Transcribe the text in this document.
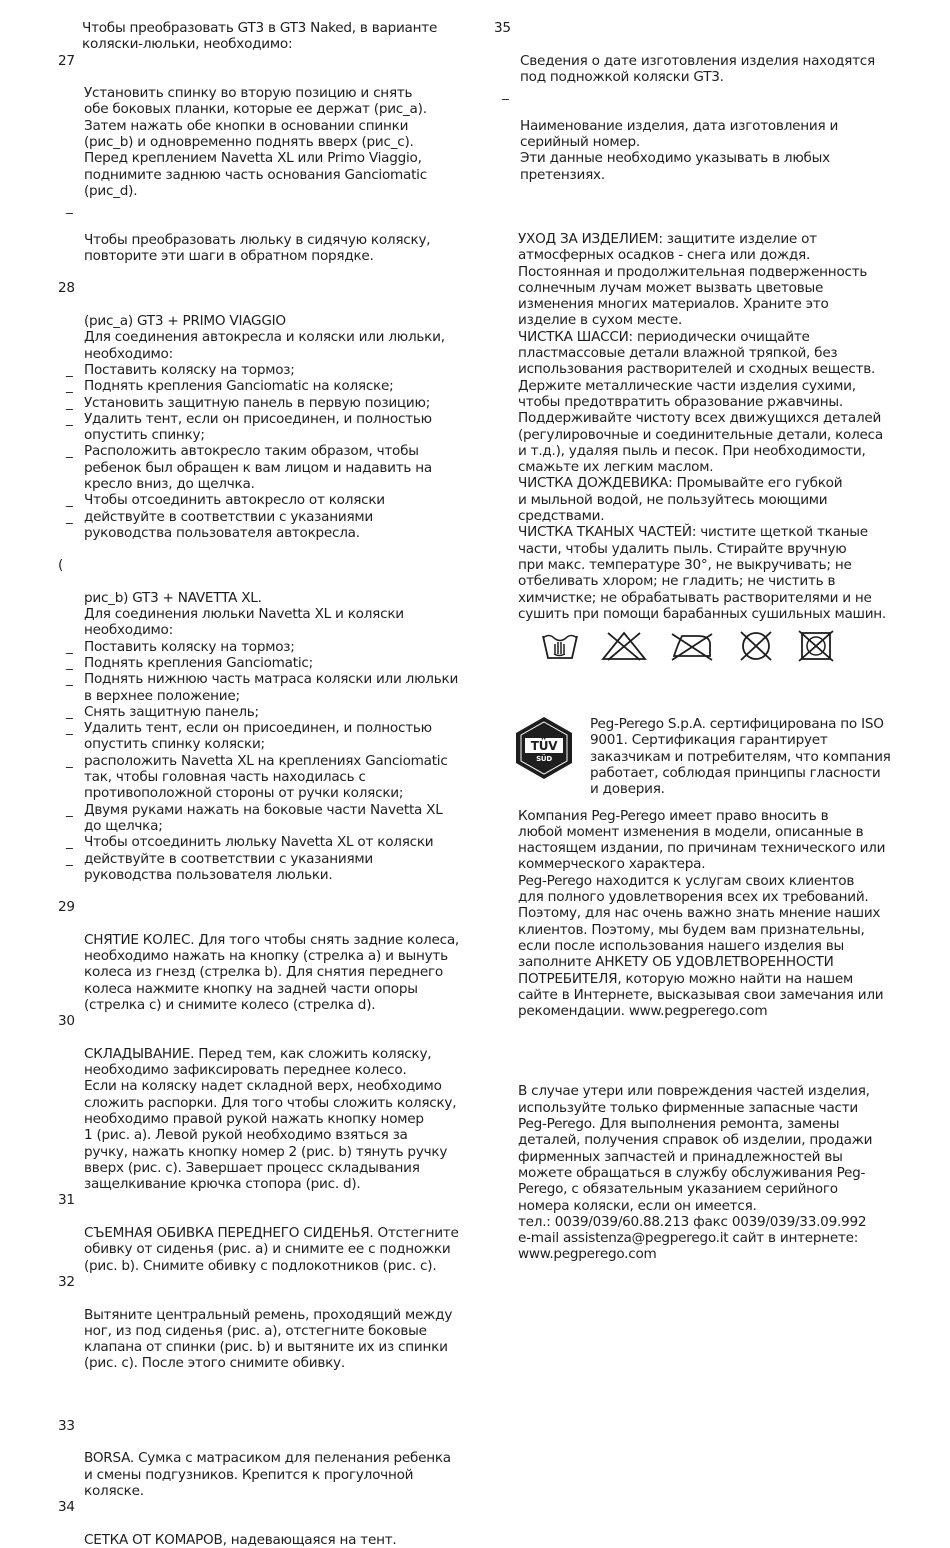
Чтобы преобразовать GT3 в GT3 Naked, в варианте
коляски-люльки, необходимо:

27

Установить спинку во вторую позицию и снять
обе боковых планки, которые ее держат (рис_a).
Затем нажать обе кнопки в основании спинки
(рис_b) и одновременно поднять вверх (рис_c).
Перед креплением Navetta XL или Primo Viaggio,
поднимите заднюю часть основания Ganciomatic
(рис_d).

_

Чтобы преобразовать люльку в сидячую коляску,
повторите эти шаги в обратном порядке.

28

(рис_a) GT3 + PRIMO VIAGGIO
Для соединения автокресла и коляски или люльки,
необходимо:

_ Поставить коляску на тормоз;
_ Поднять крепления Ganciomatic на коляске;
_ Установить защитную панель в первую позицию;
_ Удалить тент, если он присоединен, и полностью
опустить спинку;
_ Расположить автокресло таким образом, чтобы
ребенок был обращен к вам лицом и надавить на
кресло вниз, до щелчка.
_ Чтобы отсоединить автокресло от коляски
_ действуйте в соответствии с указаниями
руководства пользователя автокресла.

(

рис_b) GT3 + NAVETTA XL.
Для соединения люльки Navetta XL и коляски
необходимо:

_ Поставить коляску на тормоз;
_ Поднять крепления Ganciomatic;
_ Поднять нижнюю часть матраса коляски или люльки
в верхнее положение;
_ Снять защитную панель;
_ Удалить тент, если он присоединен, и полностью
опустить спинку коляски;
_ расположить Navetta XL на креплениях Ganciomatic
так, чтобы головная часть находилась с
противоположной стороны от ручки коляски;
_ Двумя руками нажать на боковые части Navetta XL
до щелчка;
_ Чтобы отсоединить люльку Navetta XL от коляски
_ действуйте в соответствии с указаниями
руководства пользователя люльки.

29

СНЯТИЕ КОЛЕС. Для того чтобы снять задние колеса,
необходимо нажать на кнопку (стрелка a) и вынуть
колеса из гнезд (стрелка b). Для снятия переднего
колеса нажмите кнопку на задней части опоры
(стрелка c) и снимите колесо (стрелка d).

30

СКЛАДЫВАНИЕ. Перед тем, как сложить коляску,
необходимо зафиксировать переднее колесо.
Если на коляску надет складной верх, необходимо
сложить распорки. Для того чтобы сложить коляску,
необходимо правой рукой нажать кнопку номер
1 (рис. a). Левой рукой необходимо взяться за
ручку, нажать кнопку номер 2 (рис. b) тянуть ручку
вверх (рис. c). Завершает процесс складывания
защелкивание крючка стопора (рис. d).

31

СЪЕМНАЯ ОБИВКА ПЕРЕДНЕГО СИДЕНЬЯ. Отстегните
обивку от сиденья (рис. a) и снимите ее с подножки
(рис. b). Снимите обивку с подлокотников (рис. c).

32

Вытяните центральный ремень, проходящий между
ног, из под сиденья (рис. a), отстегните боковые
клапана от спинки (рис. b) и вытяните их из спинки
(рис. c). После этого снимите обивку.

33

BORSA. Сумка с матрасиком для пеленания ребенка
и смены подгузников. Крепится к прогулочной
коляске.

34

СЕТКА ОТ КОМАРОВ, надевающаяся на тент.

35

Сведения о дате изготовления изделия находятся
под подножкой коляски GT3.

_

Наименование изделия, дата изготовления и
серийный номер.
Эти данные необходимо указывать в любых
претензиях.

УХОД ЗА ИЗДЕЛИЕМ: защитите изделие от
атмосферных осадков - снега или дождя.
Постоянная и продолжительная подверженность
солнечным лучам может вызвать цветовые
изменения многих материалов. Храните это
изделие в сухом месте.
ЧИСТКА ШАССИ: периодически очищайте
пластмассовые детали влажной тряпкой, без
использования растворителей и сходных веществ.
Держите металлические части изделия сухими,
чтобы предотвратить образование ржавчины.
Поддерживайте чистоту всех движущихся деталей
(регулировочные и соединительные детали, колеса
и т.д.), удаляя пыль и песок. При необходимости,
смажьте их легким маслом.
ЧИСТКА ДОЖДЕВИКА: Промывайте его губкой
и мыльной водой, не пользуйтесь моющими
средствами.
ЧИСТКА ТКАНЫХ ЧАСТЕЙ: чистите щеткой тканые
части, чтобы удалить пыль. Стирайте вручную
при макс. температуре 30°, не выкручивать; не
отбеливать хлором; не гладить; не чистить в
химчистке; не обрабатывать растворителями и не
сушить при помощи барабанных сушильных машин.
TÜV
SÜD
Peg-Perego S.p.A. сертифицирована по ISO
9001. Сертификация гарантирует
заказчикам и потребителям, что компания
работает, соблюдая принципы гласности
и доверия.
Компания Peg-Perego имеет право вносить в
любой момент изменения в модели, описанные в
настоящем издании, по причинам технического или
коммерческого характера.
Peg-Perego находится к услугам своих клиентов
для полного удовлетворения всех их требований.
Поэтому, для нас очень важно знать мнение наших
клиентов. Поэтому, мы будем вам признательны,
если после использования нашего изделия вы
заполните АНКЕТУ ОБ УДОВЛЕТВОРЕННОСТИ
ПОТРЕБИТЕЛЯ, которую можно найти на нашем
сайте в Интернете, высказывая свои замечания или
рекомендации. www.pegperego.com
В случае утери или повреждения частей изделия,
используйте только фирменные запасные части
Peg-Perego. Для выполнения ремонта, замены
деталей, получения справок об изделии, продажи
фирменных запчастей и принадлежностей вы
можете обращаться в службу обслуживания Peg-
Perego, с обязательным указанием серийного
номера коляски, если он имеется.
тел.: 0039/039/60.88.213 факс 0039/039/33.09.992
e-mail assistenza@pegperego.it сайт в интернете:
www.pegperego.com
